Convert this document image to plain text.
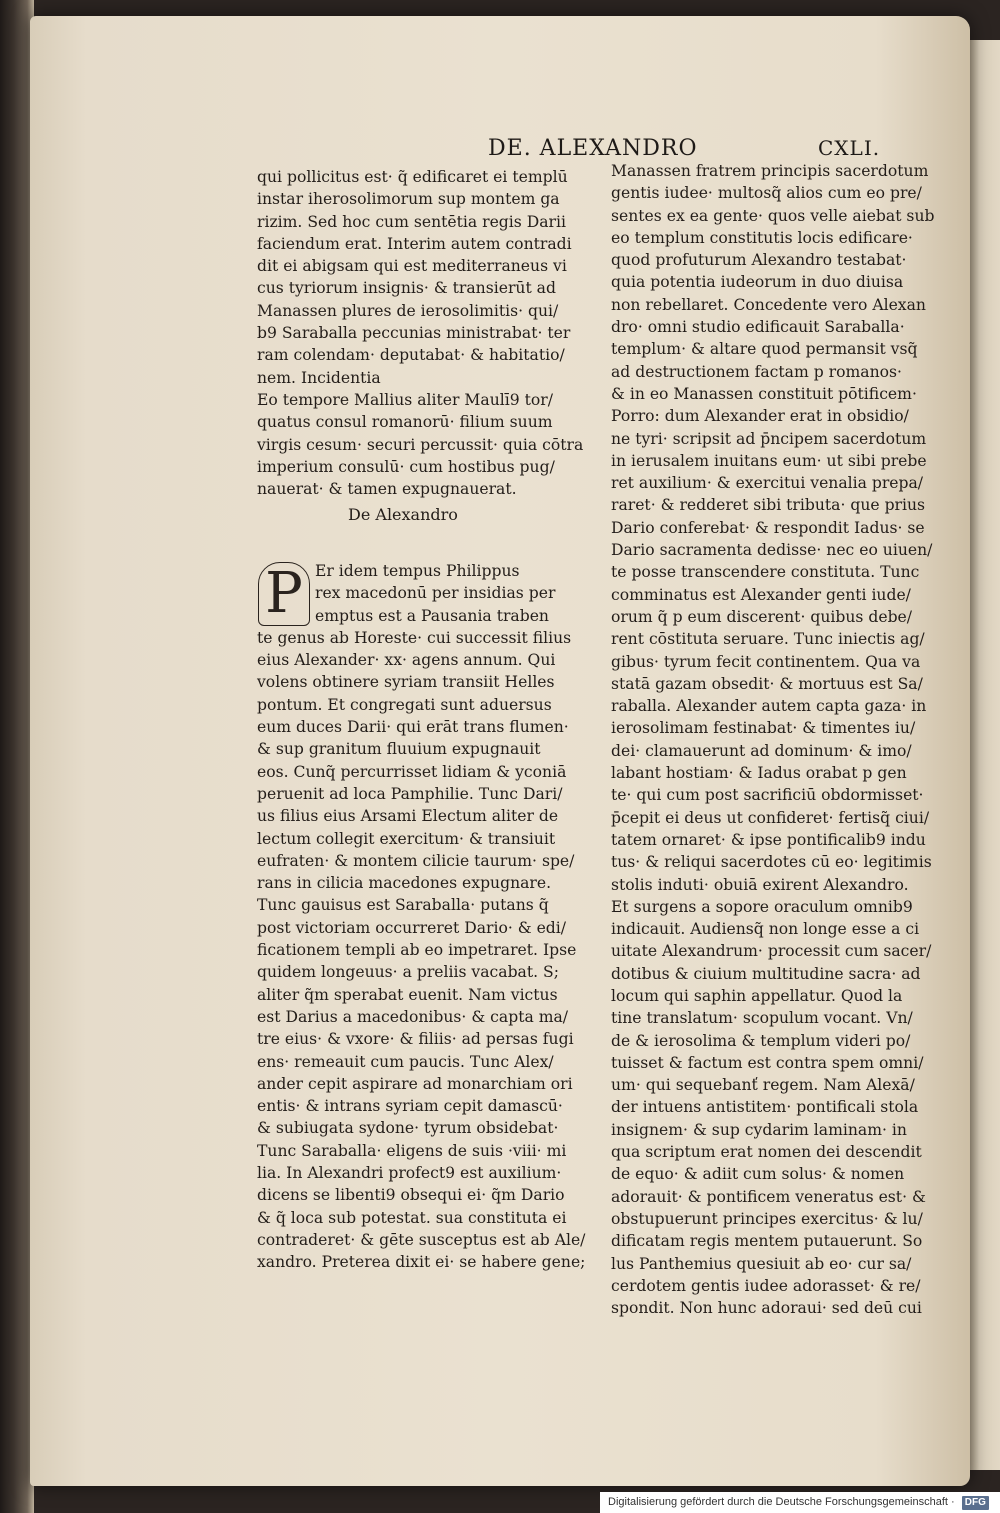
DE. ALEXANDRO	CXLI.
qui pollicitus est· q̃ edificaret ei templū
instar iherosolimorum sup montem ga
rizim. Sed hoc cum sentētia regis Darii
faciendum erat. Interim autem contradi
dit ei abigsam qui est mediterraneus vi
cus tyriorum insignis· & transierūt ad
Manassen plures de ierosolimitis· qui/
b9 Saraballa peccunias ministrabat· ter
ram colendam· deputabat· & habitatio/
nem. Incidentia
Eo tempore Mallius aliter Maulī9 tor/
quatus consul romanorū· filium suum
virgis cesum· securi percussit· quia cōtra
imperium consulū· cum hostibus pug/
nauerat· & tamen expugnauerat.
De Alexandro
P Er idem tempus Philippus
rex macedonū per insidias per
emptus est a Pausania traben
te genus ab Horeste· cui successit filius
eius Alexander· xx· agens annum. Qui
volens obtinere syriam transiit Helles
pontum. Et congregati sunt aduersus
eum duces Darii· qui erāt trans flumen·
& sup granitum fluuium expugnauit
eos. Cunq̃ percurrisset lidiam & yconiā
peruenit ad loca Pamphilie. Tunc Dari/
us filius eius Arsami Electum aliter de
lectum collegit exercitum· & transiuit
eufraten· & montem cilicie taurum· spe/
rans in cilicia macedones expugnare.
Tunc gauisus est Saraballa· putans q̃
post victoriam occurreret Dario· & edi/
ficationem templi ab eo impetraret. Ipse
quidem longeuus· a preliis vacabat. S;
aliter q̃m sperabat euenit. Nam victus
est Darius a macedonibus· & capta ma/
tre eius· & vxore· & filiis· ad persas fugi
ens· remeauit cum paucis. Tunc Alex/
ander cepit aspirare ad monarchiam ori
entis· & intrans syriam cepit damascū·
& subiugata sydone· tyrum obsidebat·
Tunc Saraballa· eligens de suis ·viii· mi
lia. In Alexandri profect9 est auxilium·
dicens se libenti9 obsequi ei· q̃m Dario
& q̃ loca sub potestat. sua constituta ei
contraderet· & gēte susceptus est ab Ale/
xandro. Preterea dixit ei· se habere gene;
Manassen fratrem principis sacerdotum
gentis iudee· multosq̃ alios cum eo pre/
sentes ex ea gente· quos velle aiebat sub
eo templum constitutis locis edificare·
quod profuturum Alexandro testabat·
quia potentia iudeorum in duo diuisa
non rebellaret. Concedente vero Alexan
dro· omni studio edificauit Saraballa·
templum· & altare quod permansit vsq̃
ad destructionem factam p romanos·
& in eo Manassen constituit pōtificem·
Porro: dum Alexander erat in obsidio/
ne tyri· scripsit ad p̄ncipem sacerdotum
in ierusalem inuitans eum· ut sibi prebe
ret auxilium· & exercitui venalia prepa/
raret· & redderet sibi tributa· que prius
Dario conferebat· & respondit Iadus· se
Dario sacramenta dedisse· nec eo uiuen/
te posse transcendere constituta. Tunc
comminatus est Alexander genti iude/
orum q̃ p eum discerent· quibus debe/
rent cōstituta seruare. Tunc iniectis ag/
gibus· tyrum fecit continentem. Qua va
statā gazam obsedit· & mortuus est Sa/
raballa. Alexander autem capta gaza· in
ierosolimam festinabat· & timentes iu/
dei· clamauerunt ad dominum· & imo/
labant hostiam· & Iadus orabat p gen
te· qui cum post sacrificiū obdormisset·
p̄cepit ei deus ut confideret· fertisq̃ ciui/
tatem ornaret· & ipse pontificalib9 indu
tus· & reliqui sacerdotes cū eo· legitimis
stolis induti· obuiā exirent Alexandro.
Et surgens a sopore oraculum omnib9
indicauit. Audiensq̃ non longe esse a ci
uitate Alexandrum· processit cum sacer/
dotibus & ciuium multitudine sacra· ad
locum qui saphin appellatur. Quod la
tine translatum· scopulum vocant. Vn/
de & ierosolima & templum videri po/
tuisset & factum est contra spem omni/
um· qui sequebanť regem. Nam Alexā/
der intuens antistitem· pontificali stola
insignem· & sup cydarim laminam· in
qua scriptum erat nomen dei descendit
de equo· & adiit cum solus· & nomen
adorauit· & pontificem veneratus est· &
obstupuerunt principes exercitus· & lu/
dificatam regis mentem putauerunt. So
lus Panthemius quesiuit ab eo· cur sa/
cerdotem gentis iudee adorasset· & re/
spondit. Non hunc adoraui· sed deū cui
Digitalisierung gefördert durch die Deutsche Forschungsgemeinschaft · DFG
